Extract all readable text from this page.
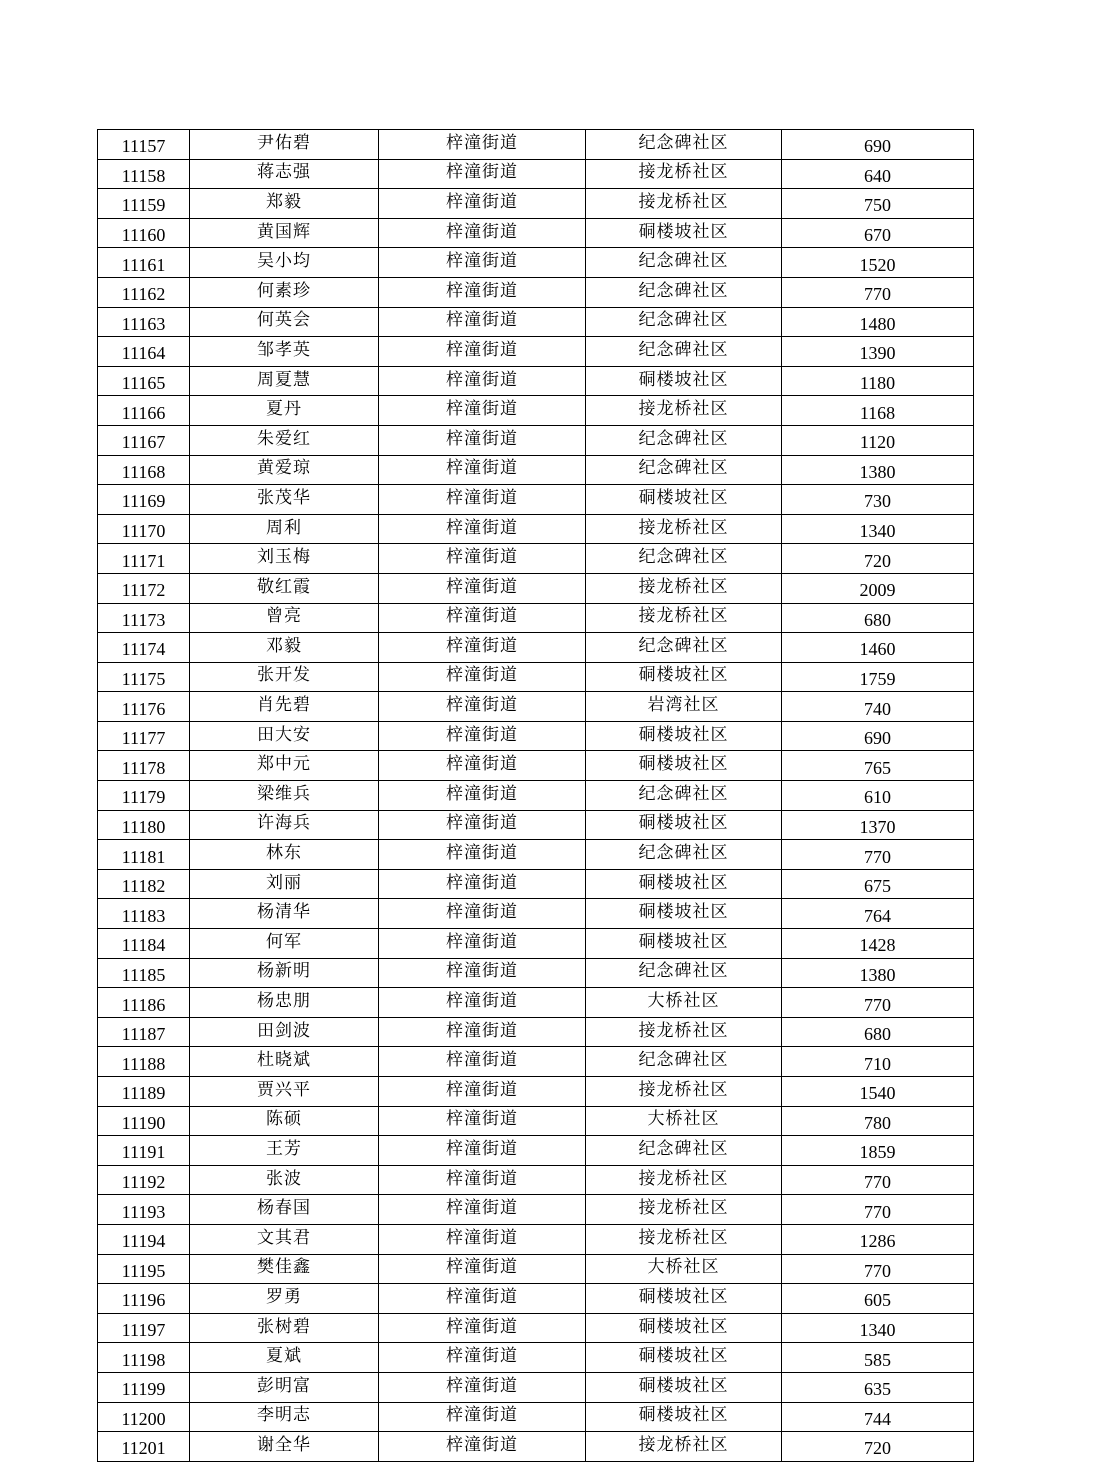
11157	尹佑碧	梓潼街道	纪念碑社区	690
11158	蒋志强	梓潼街道	接龙桥社区	640
11159	郑毅	梓潼街道	接龙桥社区	750
11160	黄国辉	梓潼街道	硐楼坡社区	670
11161	吴小均	梓潼街道	纪念碑社区	1520
11162	何素珍	梓潼街道	纪念碑社区	770
11163	何英会	梓潼街道	纪念碑社区	1480
11164	邹孝英	梓潼街道	纪念碑社区	1390
11165	周夏慧	梓潼街道	硐楼坡社区	1180
11166	夏丹	梓潼街道	接龙桥社区	1168
11167	朱爱红	梓潼街道	纪念碑社区	1120
11168	黄爱琼	梓潼街道	纪念碑社区	1380
11169	张茂华	梓潼街道	硐楼坡社区	730
11170	周利	梓潼街道	接龙桥社区	1340
11171	刘玉梅	梓潼街道	纪念碑社区	720
11172	敬红霞	梓潼街道	接龙桥社区	2009
11173	曾亮	梓潼街道	接龙桥社区	680
11174	邓毅	梓潼街道	纪念碑社区	1460
11175	张开发	梓潼街道	硐楼坡社区	1759
11176	肖先碧	梓潼街道	岩湾社区	740
11177	田大安	梓潼街道	硐楼坡社区	690
11178	郑中元	梓潼街道	硐楼坡社区	765
11179	梁维兵	梓潼街道	纪念碑社区	610
11180	许海兵	梓潼街道	硐楼坡社区	1370
11181	林东	梓潼街道	纪念碑社区	770
11182	刘丽	梓潼街道	硐楼坡社区	675
11183	杨清华	梓潼街道	硐楼坡社区	764
11184	何军	梓潼街道	硐楼坡社区	1428
11185	杨新明	梓潼街道	纪念碑社区	1380
11186	杨忠朋	梓潼街道	大桥社区	770
11187	田剑波	梓潼街道	接龙桥社区	680
11188	杜晓斌	梓潼街道	纪念碑社区	710
11189	贾兴平	梓潼街道	接龙桥社区	1540
11190	陈硕	梓潼街道	大桥社区	780
11191	王芳	梓潼街道	纪念碑社区	1859
11192	张波	梓潼街道	接龙桥社区	770
11193	杨春国	梓潼街道	接龙桥社区	770
11194	文其君	梓潼街道	接龙桥社区	1286
11195	樊佳鑫	梓潼街道	大桥社区	770
11196	罗勇	梓潼街道	硐楼坡社区	605
11197	张树碧	梓潼街道	硐楼坡社区	1340
11198	夏斌	梓潼街道	硐楼坡社区	585
11199	彭明富	梓潼街道	硐楼坡社区	635
11200	李明志	梓潼街道	硐楼坡社区	744
11201	谢全华	梓潼街道	接龙桥社区	720
